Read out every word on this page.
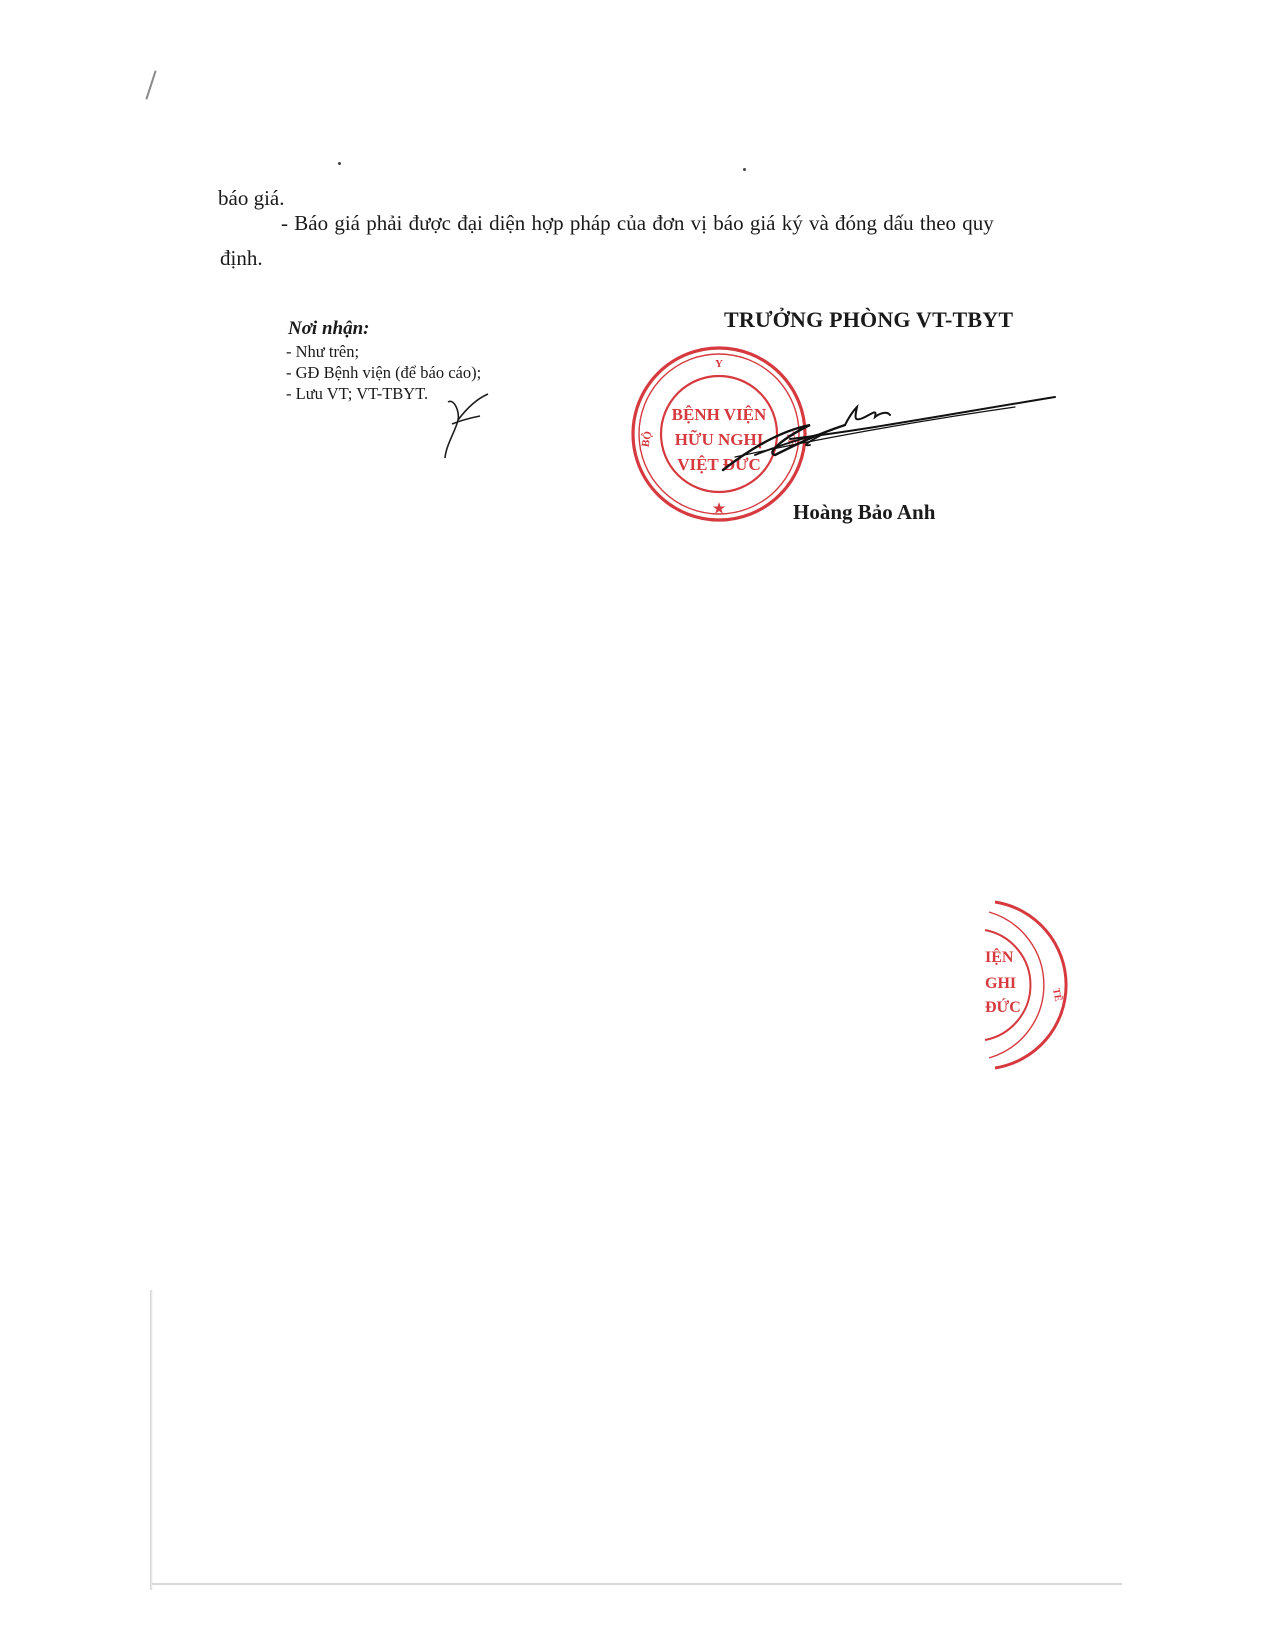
báo giá.
- Báo giá phải được đại diện hợp pháp của đơn vị báo giá ký và đóng dấu theo quy
định.
Nơi nhận:
- Như trên;
- GĐ Bệnh viện (để báo cáo);
- Lưu VT; VT-TBYT.
TRƯỞNG PHÒNG VT-TBYT
Y
BỘ	TẾ
★
BỆNH VIỆN
HỮU NGHỊ
VIỆT ĐỨC
Hoàng Bảo Anh
IỆN
GHI
ĐỨC
TẾ
